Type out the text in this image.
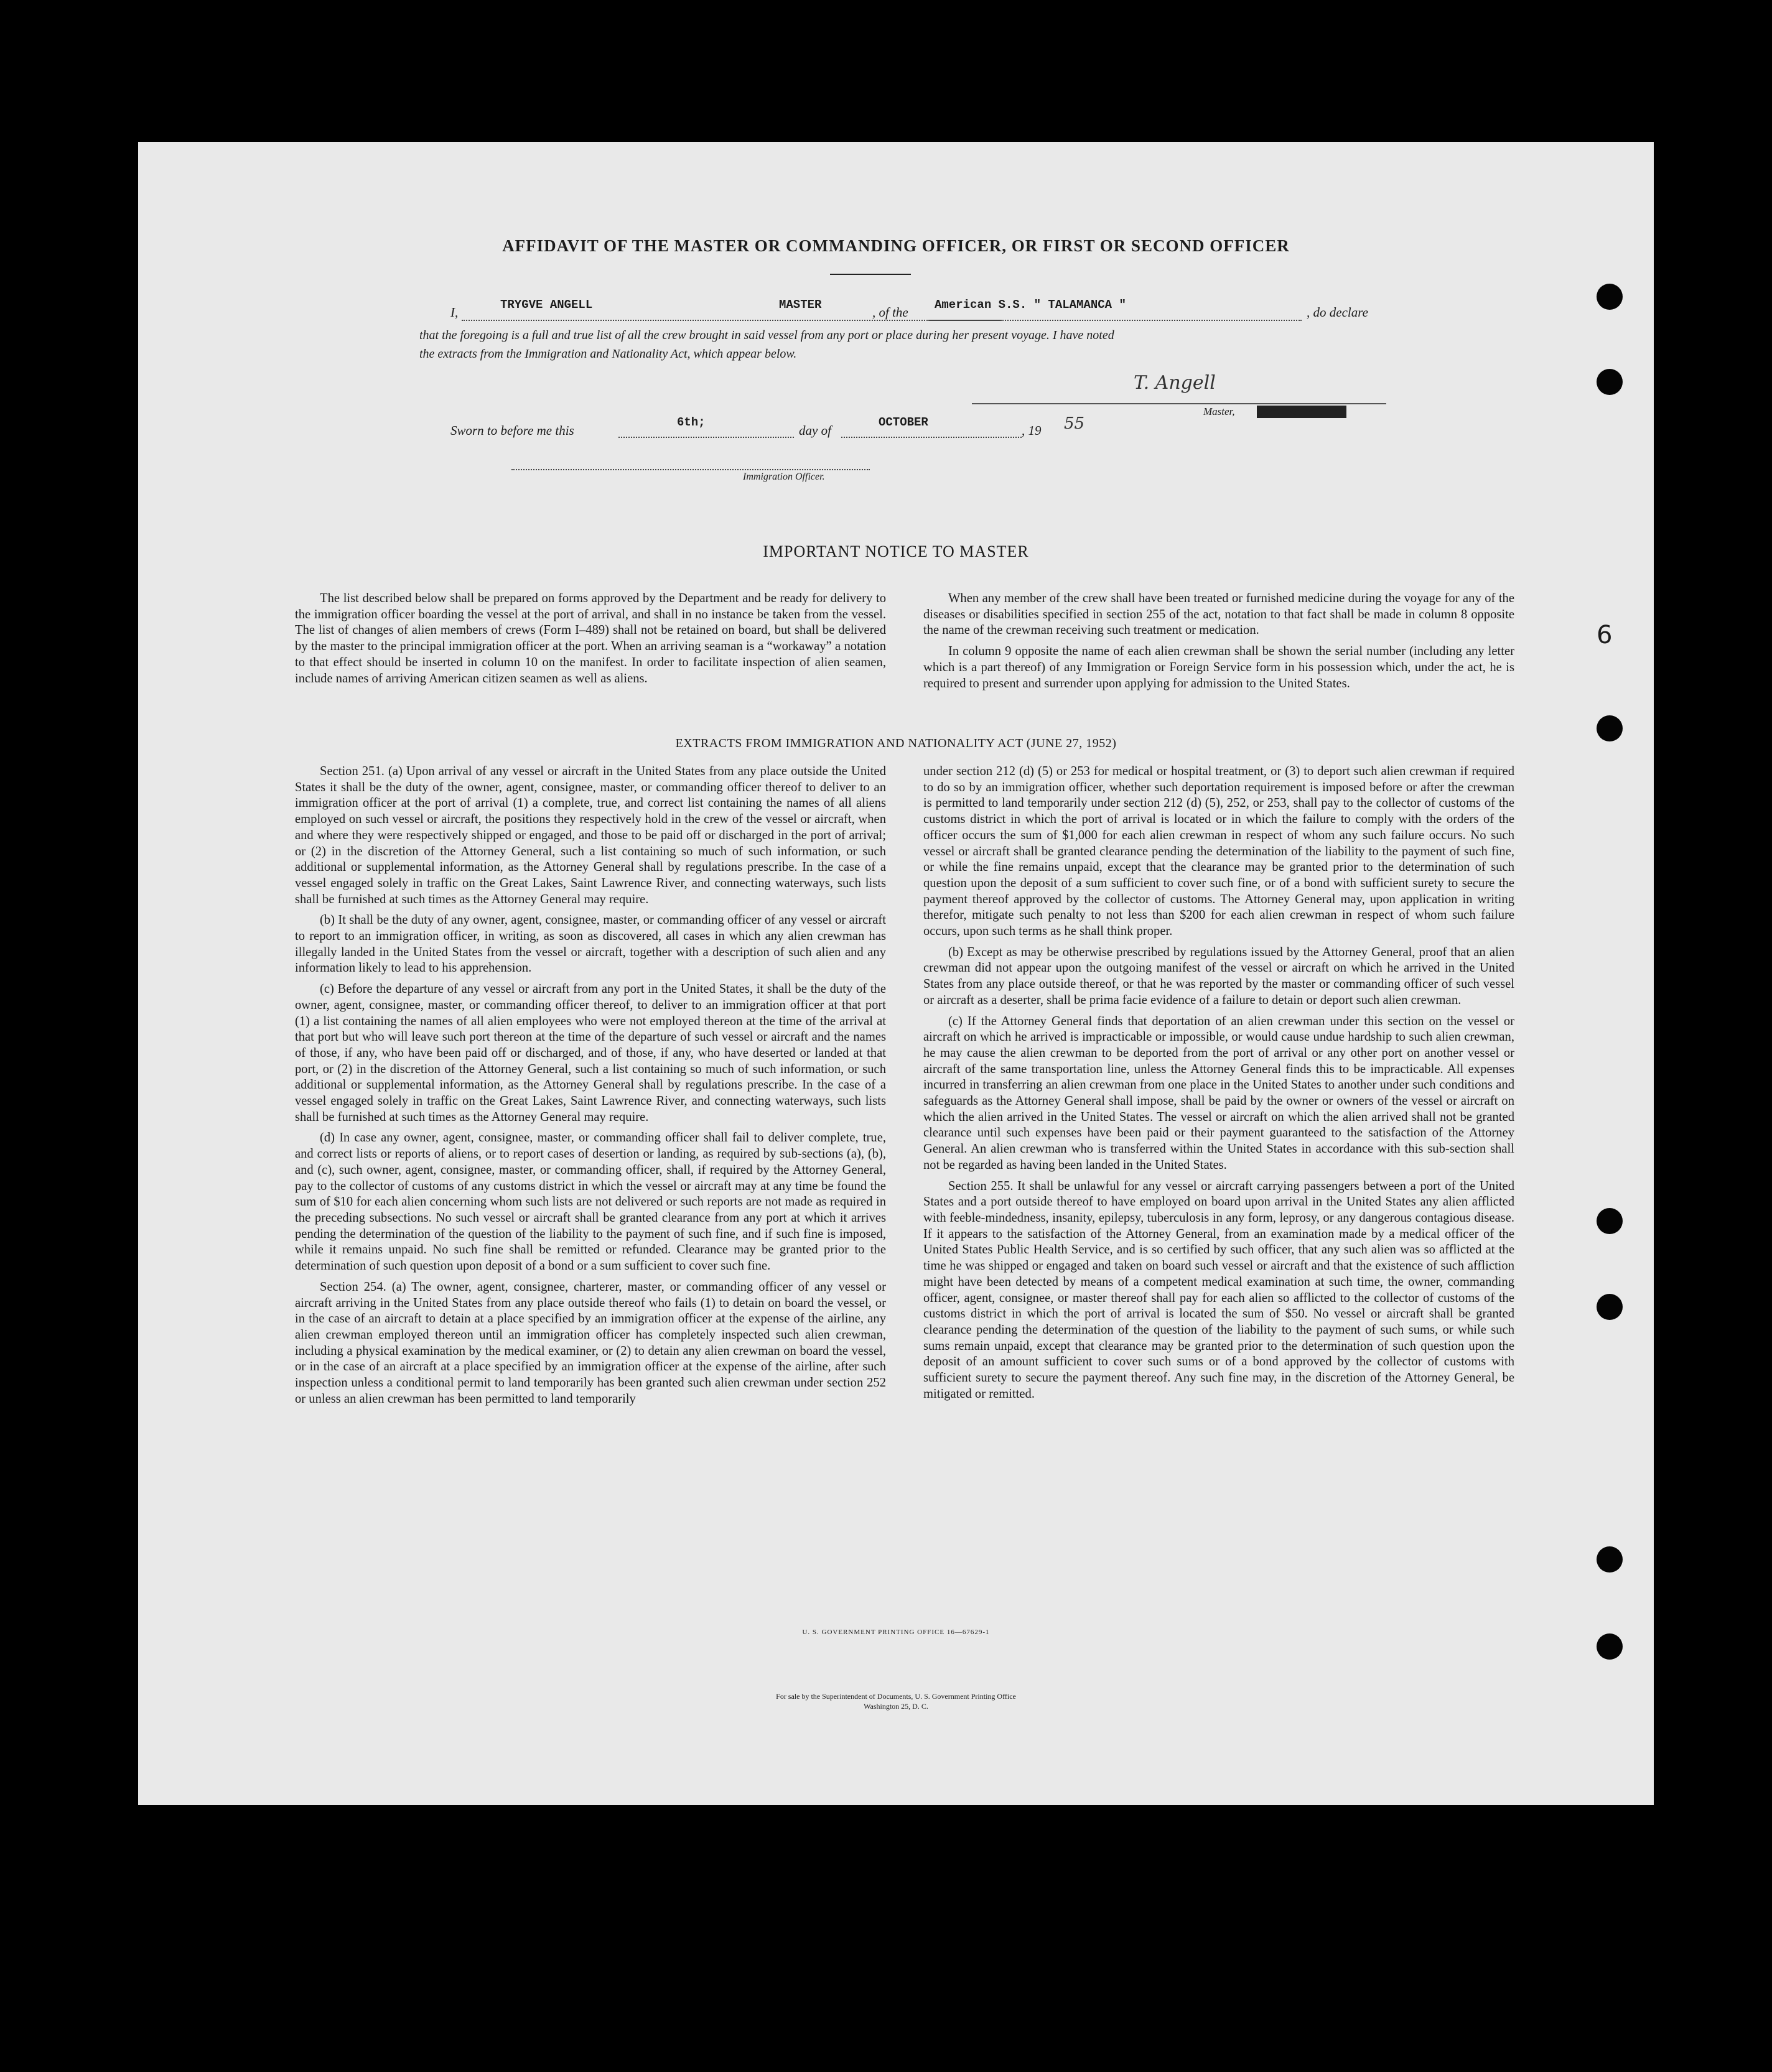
AFFIDAVIT OF THE MASTER OR COMMANDING OFFICER, OR FIRST OR SECOND OFFICER
I,	TRYGVE ANGELL	MASTER	, of the American S.S. " TALAMANCA "	, do declare
that the foregoing is a full and true list of all the crew brought in said vessel from any port or place during her present voyage. I have noted
the extracts from the Immigration and Nationality Act, which appear below.
T. Angell
Master, Commanding Officer
Sworn to before me this
6th;
day of
OCTOBER
, 19 55
Immigration Officer.
IMPORTANT NOTICE TO MASTER

The list described below shall be prepared on forms approved by the Department and be ready for delivery to the immigration officer boarding the vessel at the port of arrival, and shall in no instance be taken from the vessel. The list of changes of alien members of crews (Form I–489) shall not be retained on board, but shall be delivered by the master to the principal immigration officer at the port. When an arriving seaman is a “workaway” a notation to that effect should be inserted in column 10 on the manifest. In order to facilitate inspection of alien seamen, include names of arriving American citizen seamen as well as aliens.

When any member of the crew shall have been treated or furnished medicine during the voyage for any of the diseases or disabilities specified in section 255 of the act, notation to that fact shall be made in column 8 opposite the name of the crewman receiving such treatment or medication.

In column 9 opposite the name of each alien crewman shall be shown the serial number (including any letter which is a part thereof) of any Immigration or Foreign Service form in his possession which, under the act, he is required to present and surrender upon applying for admission to the United States.

EXTRACTS FROM IMMIGRATION AND NATIONALITY ACT (JUNE 27, 1952)

Section 251. (a) Upon arrival of any vessel or aircraft in the United States from any place outside the United States it shall be the duty of the owner, agent, consignee, master, or commanding officer thereof to deliver to an immigration officer at the port of arrival (1) a complete, true, and correct list containing the names of all aliens employed on such vessel or aircraft, the positions they respectively hold in the crew of the vessel or aircraft, when and where they were respectively shipped or engaged, and those to be paid off or discharged in the port of arrival; or (2) in the discretion of the Attorney General, such a list containing so much of such information, or such additional or supplemental information, as the Attorney General shall by regulations prescribe. In the case of a vessel engaged solely in traffic on the Great Lakes, Saint Lawrence River, and connecting waterways, such lists shall be furnished at such times as the Attorney General may require.

(b) It shall be the duty of any owner, agent, consignee, master, or commanding officer of any vessel or aircraft to report to an immigration officer, in writing, as soon as discovered, all cases in which any alien crewman has illegally landed in the United States from the vessel or aircraft, together with a description of such alien and any information likely to lead to his apprehension.

(c) Before the departure of any vessel or aircraft from any port in the United States, it shall be the duty of the owner, agent, consignee, master, or commanding officer thereof, to deliver to an immigration officer at that port (1) a list containing the names of all alien employees who were not employed thereon at the time of the arrival at that port but who will leave such port thereon at the time of the departure of such vessel or aircraft and the names of those, if any, who have been paid off or discharged, and of those, if any, who have deserted or landed at that port, or (2) in the discretion of the Attorney General, such a list containing so much of such information, or such additional or supplemental information, as the Attorney General shall by regulations prescribe. In the case of a vessel engaged solely in traffic on the Great Lakes, Saint Lawrence River, and connecting waterways, such lists shall be furnished at such times as the Attorney General may require.

(d) In case any owner, agent, consignee, master, or commanding officer shall fail to deliver complete, true, and correct lists or reports of aliens, or to report cases of desertion or landing, as required by sub-sections (a), (b), and (c), such owner, agent, consignee, master, or commanding officer, shall, if required by the Attorney General, pay to the collector of customs of any customs district in which the vessel or aircraft may at any time be found the sum of $10 for each alien concerning whom such lists are not delivered or such reports are not made as required in the preceding subsections. No such vessel or aircraft shall be granted clearance from any port at which it arrives pending the determination of the question of the liability to the payment of such fine, and if such fine is imposed, while it remains unpaid. No such fine shall be remitted or refunded. Clearance may be granted prior to the determination of such question upon deposit of a bond or a sum sufficient to cover such fine.

Section 254. (a) The owner, agent, consignee, charterer, master, or commanding officer of any vessel or aircraft arriving in the United States from any place outside thereof who fails (1) to detain on board the vessel, or in the case of an aircraft to detain at a place specified by an immigration officer at the expense of the airline, any alien crewman employed thereon until an immigration officer has completely inspected such alien crewman, including a physical examination by the medical examiner, or (2) to detain any alien crewman on board the vessel, or in the case of an aircraft at a place specified by an immigration officer at the expense of the airline, after such inspection unless a conditional permit to land temporarily has been granted such alien crewman under section 252 or unless an alien crewman has been permitted to land temporarily

under section 212 (d) (5) or 253 for medical or hospital treatment, or (3) to deport such alien crewman if required to do so by an immigration officer, whether such deportation requirement is imposed before or after the crewman is permitted to land temporarily under section 212 (d) (5), 252, or 253, shall pay to the collector of customs of the customs district in which the port of arrival is located or in which the failure to comply with the orders of the officer occurs the sum of $1,000 for each alien crewman in respect of whom any such failure occurs. No such vessel or aircraft shall be granted clearance pending the determination of the liability to the payment of such fine, or while the fine remains unpaid, except that the clearance may be granted prior to the determination of such question upon the deposit of a sum sufficient to cover such fine, or of a bond with sufficient surety to secure the payment thereof approved by the collector of customs. The Attorney General may, upon application in writing therefor, mitigate such penalty to not less than $200 for each alien crewman in respect of whom such failure occurs, upon such terms as he shall think proper.

(b) Except as may be otherwise prescribed by regulations issued by the Attorney General, proof that an alien crewman did not appear upon the outgoing manifest of the vessel or aircraft on which he arrived in the United States from any place outside thereof, or that he was reported by the master or commanding officer of such vessel or aircraft as a deserter, shall be prima facie evidence of a failure to detain or deport such alien crewman.

(c) If the Attorney General finds that deportation of an alien crewman under this section on the vessel or aircraft on which he arrived is impracticable or impossible, or would cause undue hardship to such alien crewman, he may cause the alien crewman to be deported from the port of arrival or any other port on another vessel or aircraft of the same transportation line, unless the Attorney General finds this to be impracticable. All expenses incurred in transferring an alien crewman from one place in the United States to another under such conditions and safeguards as the Attorney General shall impose, shall be paid by the owner or owners of the vessel or aircraft on which the alien arrived in the United States. The vessel or aircraft on which the alien arrived shall not be granted clearance until such expenses have been paid or their payment guaranteed to the satisfaction of the Attorney General. An alien crewman who is transferred within the United States in accordance with this sub-section shall not be regarded as having been landed in the United States.

Section 255. It shall be unlawful for any vessel or aircraft carrying passengers between a port of the United States and a port outside thereof to have employed on board upon arrival in the United States any alien afflicted with feeble-mindedness, insanity, epilepsy, tuberculosis in any form, leprosy, or any dangerous contagious disease. If it appears to the satisfaction of the Attorney General, from an examination made by a medical officer of the United States Public Health Service, and is so certified by such officer, that any such alien was so afflicted at the time he was shipped or engaged and taken on board such vessel or aircraft and that the existence of such affliction might have been detected by means of a competent medical examination at such time, the owner, commanding officer, agent, consignee, or master thereof shall pay for each alien so afflicted to the collector of customs of the customs district in which the port of arrival is located the sum of $50. No vessel or aircraft shall be granted clearance pending the determination of the question of the liability to the payment of such sums, or while such sums remain unpaid, except that clearance may be granted prior to the determination of such question upon the deposit of an amount sufficient to cover such sums or of a bond approved by the collector of customs with sufficient surety to secure the payment thereof. Any such fine may, in the discretion of the Attorney General, be mitigated or remitted.

U. S. GOVERNMENT PRINTING OFFICE 16—67629-1
For sale by the Superintendent of Documents, U. S. Government Printing Office
Washington 25, D. C.
6
